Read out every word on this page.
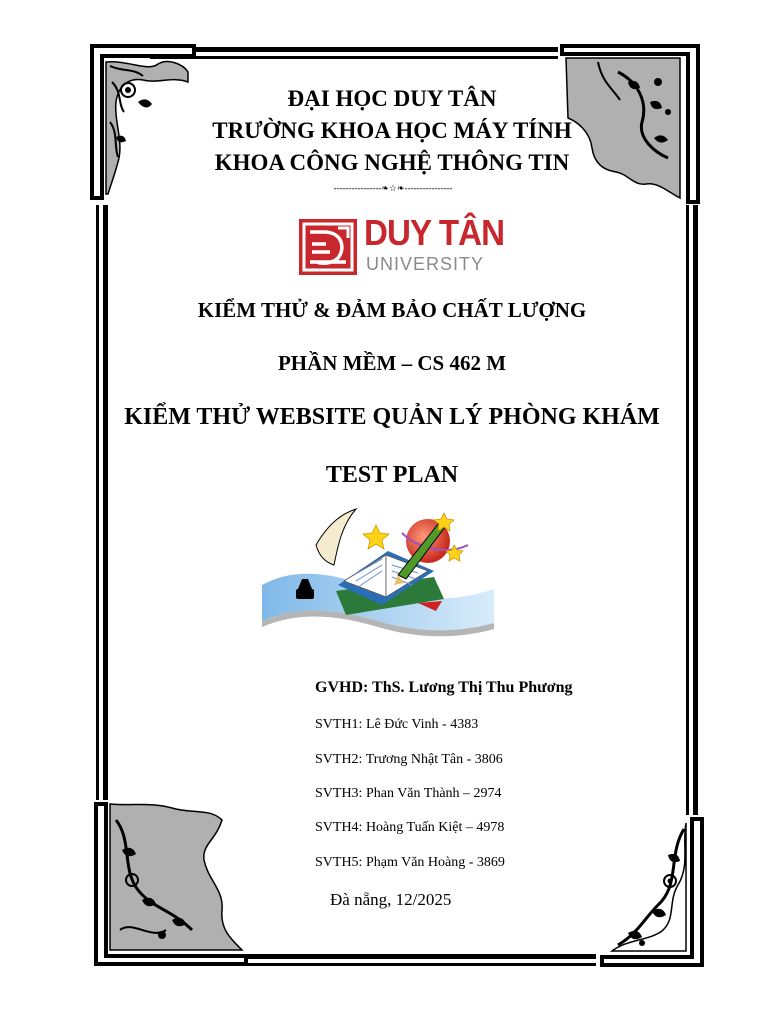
ĐẠI HỌC DUY TÂN
TRƯỜNG KHOA HỌC MÁY TÍNH
KHOA CÔNG NGHỆ THÔNG TIN
----------------❧☆❧----------------
DUY TÂN
UNIVERSITY
KIỂM THỬ & ĐẢM BẢO CHẤT LƯỢNG
PHẦN MỀM – CS 462 M
KIỂM THỬ WEBSITE QUẢN LÝ PHÒNG KHÁM
TEST PLAN
GVHD: ThS. Lương Thị Thu Phương
SVTH1: Lê Đức Vinh - 4383
SVTH2: Trương Nhật Tân - 3806
SVTH3: Phan Văn Thành – 2974
SVTH4: Hoàng Tuấn Kiệt – 4978
SVTH5: Phạm Văn Hoàng - 3869
Đà nẵng, 12/2025
